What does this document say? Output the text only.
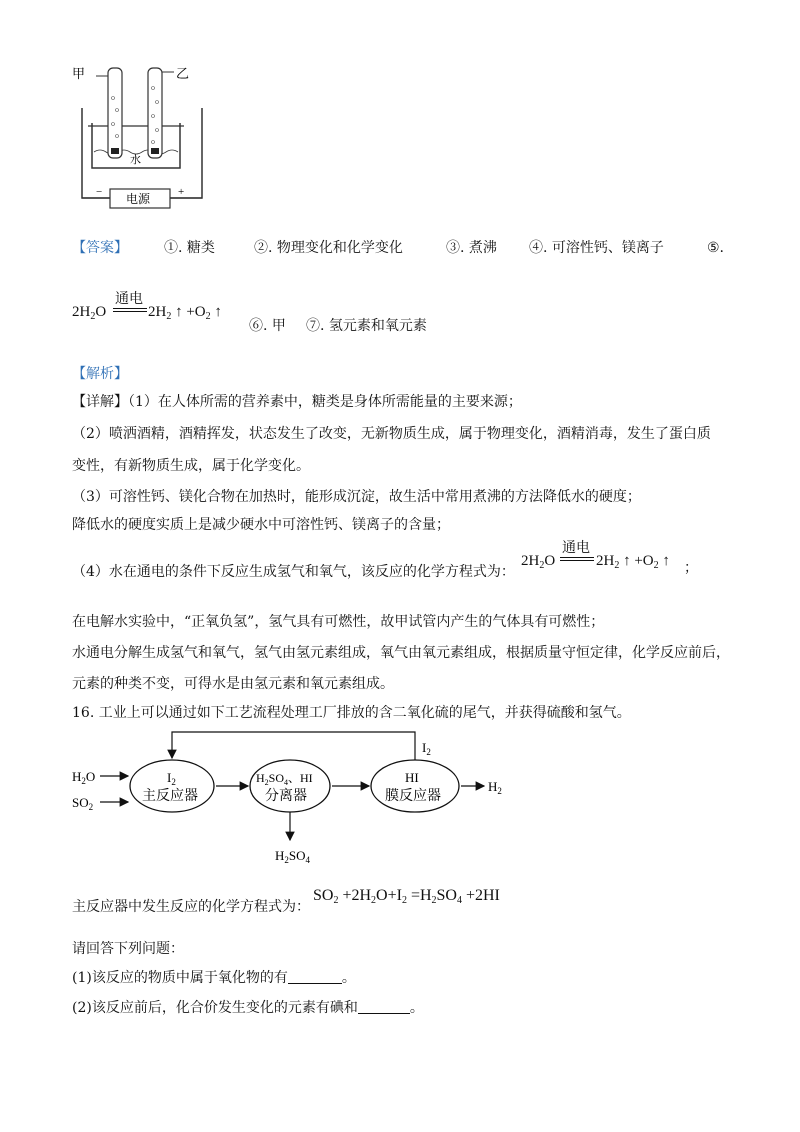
甲	乙
水
−	+
电源
【答案】	①. 糖类	②. 物理变化和化学变化	③. 煮沸 ④. 可溶性钙、镁离子	⑤.
$2H_2O$
通电
$2H_2$ ↑ $+O_2$ ↑
⑥. 甲 ⑦. 氢元素和氧元素
【解析】
【详解】（1）在人体所需的营养素中，糖类是身体所需能量的主要来源；
（2）喷洒酒精，酒精挥发，状态发生了改变，无新物质生成，属于物理变化，酒精消毒，发生了蛋白质
变性，有新物质生成，属于化学变化。
（3）可溶性钙、镁化合物在加热时，能形成沉淀，故生活中常用煮沸的方法降低水的硬度；
降低水的硬度实质上是减少硬水中可溶性钙、镁离子的含量；
（4）水在通电的条件下反应生成氢气和氧气，该反应的化学方程式为：
$2H_2O$
通电
$2H_2$ ↑ $+O_2$ ↑ ；
在电解水实验中，“正氧负氢”，氢气具有可燃性，故甲试管内产生的气体具有可燃性；
水通电分解生成氢气和氧气，氢气由氢元素组成，氧气由氧元素组成，根据质量守恒定律，化学反应前后，
元素的种类不变，可得水是由氢元素和氧元素组成。
16. 工业上可以通过如下工艺流程处理工厂排放的含二氧化硫的尾气，并获得硫酸和氢气。
$H_2O$
$SO_2$
$I_2$
主反应器
$H_2SO_4$、HI
分离器
HI
膜反应器
$H_2$
$H_2SO_4$
$I_2$
主反应器中发生反应的化学方程式为：
$SO_2 +2H_2O+I_2 =H_2SO_4 +2HI$
请回答下列问题：
(1)该反应的物质中属于氧化物的有	。
(2)该反应前后，化合价发生变化的元素有碘和	。
